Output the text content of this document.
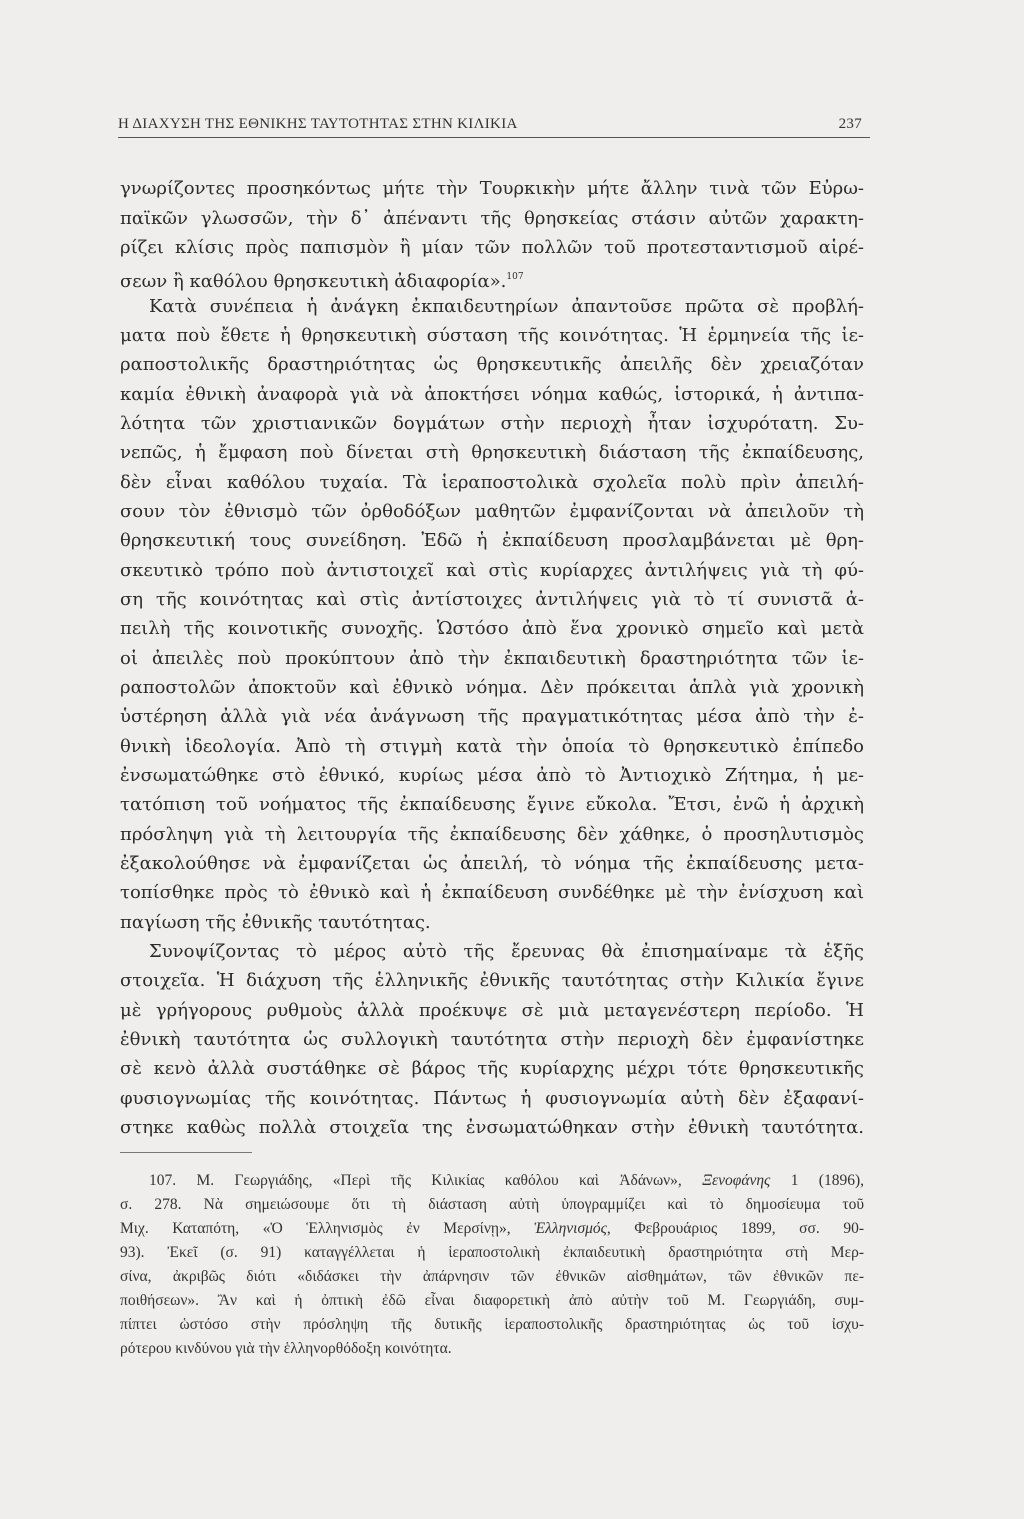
Η ΔΙΑΧΥΣΗ ΤΗΣ ΕΘΝΙΚΗΣ ΤΑΥΤΟΤΗΤΑΣ ΣΤΗΝ ΚΙΛΙΚΙΑ	237
γνωρίζοντες προσηκόντως μήτε τὴν Τουρκικὴν μήτε ἄλλην τινὰ τῶν Εὐρω-
παϊκῶν γλωσσῶν, τὴν δ᾽ ἀπέναντι τῆς θρησκείας στάσιν αὐτῶν χαρακτη-
ρίζει κλίσις πρὸς παπισμὸν ἢ μίαν τῶν πολλῶν τοῦ προτεσταντισμοῦ αἱρέ-
σεων ἢ καθόλου θρησκευτικὴ ἀδιαφορία».$^{107}$
Κατὰ συνέπεια ἡ ἀνάγκη ἐκπαιδευτηρίων ἀπαντοῦσε πρῶτα σὲ προβλή-
ματα ποὺ ἔθετε ἡ θρησκευτικὴ σύσταση τῆς κοινότητας. Ἡ ἑρμηνεία τῆς ἱε-
ραποστολικῆς δραστηριότητας ὡς θρησκευτικῆς ἀπειλῆς δὲν χρειαζόταν
καμία ἐθνικὴ ἀναφορὰ γιὰ νὰ ἀποκτήσει νόημα καθώς, ἱστορικά, ἡ ἀντιπα-
λότητα τῶν χριστιανικῶν δογμάτων στὴν περιοχὴ ἦταν ἰσχυρότατη. Συ-
νεπῶς, ἡ ἔμφαση ποὺ δίνεται στὴ θρησκευτικὴ διάσταση τῆς ἐκπαίδευσης,
δὲν εἶναι καθόλου τυχαία. Τὰ ἱεραποστολικὰ σχολεῖα πολὺ πρὶν ἀπειλή-
σουν τὸν ἐθνισμὸ τῶν ὀρθοδόξων μαθητῶν ἐμφανίζονται νὰ ἀπειλοῦν τὴ
θρησκευτική τους συνείδηση. Ἐδῶ ἡ ἐκπαίδευση προσλαμβάνεται μὲ θρη-
σκευτικὸ τρόπο ποὺ ἀντιστοιχεῖ καὶ στὶς κυρίαρχες ἀντιλήψεις γιὰ τὴ φύ-
ση τῆς κοινότητας καὶ στὶς ἀντίστοιχες ἀντιλήψεις γιὰ τὸ τί συνιστᾶ ἀ-
πειλὴ τῆς κοινοτικῆς συνοχῆς. Ὡστόσο ἀπὸ ἕνα χρονικὸ σημεῖο καὶ μετὰ
οἱ ἀπειλὲς ποὺ προκύπτουν ἀπὸ τὴν ἐκπαιδευτικὴ δραστηριότητα τῶν ἱε-
ραποστολῶν ἀποκτοῦν καὶ ἐθνικὸ νόημα. Δὲν πρόκειται ἁπλὰ γιὰ χρονικὴ
ὑστέρηση ἀλλὰ γιὰ νέα ἀνάγνωση τῆς πραγματικότητας μέσα ἀπὸ τὴν ἐ-
θνικὴ ἰδεολογία. Ἀπὸ τὴ στιγμὴ κατὰ τὴν ὁποία τὸ θρησκευτικὸ ἐπίπεδο
ἐνσωματώθηκε στὸ ἐθνικό, κυρίως μέσα ἀπὸ τὸ Ἀντιοχικὸ Ζήτημα, ἡ με-
τατόπιση τοῦ νοήματος τῆς ἐκπαίδευσης ἔγινε εὔκολα. Ἔτσι, ἐνῶ ἡ ἀρχικὴ
πρόσληψη γιὰ τὴ λειτουργία τῆς ἐκπαίδευσης δὲν χάθηκε, ὁ προσηλυτισμὸς
ἐξακολούθησε νὰ ἐμφανίζεται ὡς ἀπειλή, τὸ νόημα τῆς ἐκπαίδευσης μετα-
τοπίσθηκε πρὸς τὸ ἐθνικὸ καὶ ἡ ἐκπαίδευση συνδέθηκε μὲ τὴν ἐνίσχυση καὶ
παγίωση τῆς ἐθνικῆς ταυτότητας.
Συνοψίζοντας τὸ μέρος αὐτὸ τῆς ἔρευνας θὰ ἐπισημαίναμε τὰ ἑξῆς
στοιχεῖα. Ἡ διάχυση τῆς ἑλληνικῆς ἐθνικῆς ταυτότητας στὴν Κιλικία ἔγινε
μὲ γρήγορους ρυθμοὺς ἀλλὰ προέκυψε σὲ μιὰ μεταγενέστερη περίοδο. Ἡ
ἐθνικὴ ταυτότητα ὡς συλλογικὴ ταυτότητα στὴν περιοχὴ δὲν ἐμφανίστηκε
σὲ κενὸ ἀλλὰ συστάθηκε σὲ βάρος τῆς κυρίαρχης μέχρι τότε θρησκευτικῆς
φυσιογνωμίας τῆς κοινότητας. Πάντως ἡ φυσιογνωμία αὐτὴ δὲν ἐξαφανί-
στηκε καθὼς πολλὰ στοιχεῖα της ἐνσωματώθηκαν στὴν ἐθνικὴ ταυτότητα.
107. Μ. Γεωργιάδης, «Περὶ τῆς Κιλικίας καθόλου καὶ Ἀδάνων», Ξενοφάνης 1 (1896),
σ. 278. Νὰ σημειώσουμε ὅτι τὴ διάσταση αὐτὴ ὑπογραμμίζει καὶ τὸ δημοσίευμα τοῦ
Μιχ. Καταπότη, «Ὁ Ἑλληνισμὸς ἐν Μερσίνῃ», Ἑλληνισμός, Φεβρουάριος 1899, σσ. 90-
93). Ἐκεῖ (σ. 91) καταγγέλλεται ἡ ἱεραποστολικὴ ἐκπαιδευτικὴ δραστηριότητα στὴ Μερ-
σίνα, ἀκριβῶς διότι «διδάσκει τὴν ἀπάρνησιν τῶν ἐθνικῶν αἰσθημάτων, τῶν ἐθνικῶν πε-
ποιθήσεων». Ἂν καὶ ἡ ὀπτικὴ ἐδῶ εἶναι διαφορετικὴ ἀπὸ αὐτὴν τοῦ Μ. Γεωργιάδη, συμ-
πίπτει ὡστόσο στὴν πρόσληψη τῆς δυτικῆς ἱεραποστολικῆς δραστηριότητας ὡς τοῦ ἰσχυ-
ρότερου κινδύνου γιὰ τὴν ἑλληνορθόδοξη κοινότητα.
